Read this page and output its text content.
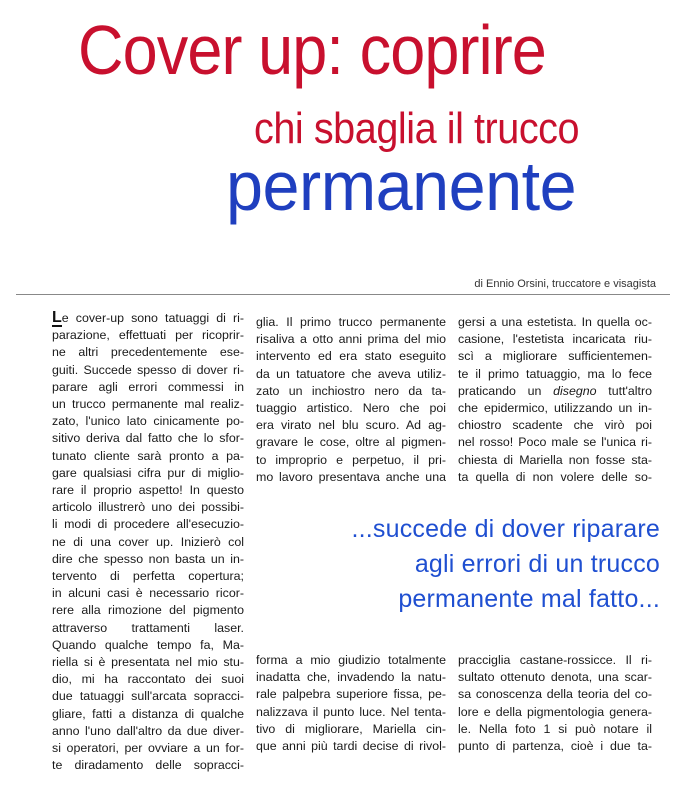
Cover up: coprire
chi sbaglia il trucco
permanente
di Ennio Orsini, truccatore e visagista
Le cover-up sono tatuaggi di ri-
parazione, effettuati per ricoprir-
ne altri precedentemente ese-
guiti. Succede spesso di dover ri-
parare agli errori commessi in
un trucco permanente mal realiz-
zato, l'unico lato cinicamente po-
sitivo deriva dal fatto che lo sfor-
tunato cliente sarà pronto a pa-
gare qualsiasi cifra pur di miglio-
rare il proprio aspetto! In questo
articolo illustrerò uno dei possibi-
li modi di procedere all'esecuzio-
ne di una cover up. Inizierò col
dire che spesso non basta un in-
tervento di perfetta copertura;
in alcuni casi è necessario ricor-
rere alla rimozione del pigmento
attraverso trattamenti laser.
Quando qualche tempo fa, Ma-
riella si è presentata nel mio stu-
dio, mi ha raccontato dei suoi
due tatuaggi sull'arcata sopracci-
gliare, fatti a distanza di qualche
anno l'uno dall'altro da due diver-
si operatori, per ovviare a un for-
te diradamento delle sopracci-
glia. Il primo trucco permanente
risaliva a otto anni prima del mio
intervento ed era stato eseguito
da un tatuatore che aveva utiliz-
zato un inchiostro nero da ta-
tuaggio artistico. Nero che poi
era virato nel blu scuro. Ad ag-
gravare le cose, oltre al pigmen-
to improprio e perpetuo, il pri-
mo lavoro presentava anche una
gersi a una estetista. In quella oc-
casione, l'estetista incaricata riu-
scì a migliorare sufficientemen-
te il primo tatuaggio, ma lo fece
praticando un disegno tutt'altro
che epidermico, utilizzando un in-
chiostro scadente che virò poi
nel rosso! Poco male se l'unica ri-
chiesta di Mariella non fosse sta-
ta quella di non volere delle so-
...succede di dover riparare
agli errori di un trucco
permanente mal fatto...
forma a mio giudizio totalmente
inadatta che, invadendo la natu-
rale palpebra superiore fissa, pe-
nalizzava il punto luce. Nel tenta-
tivo di migliorare, Mariella cin-
que anni più tardi decise di rivol-
pracciglia castane-rossicce. Il ri-
sultato ottenuto denota, una scar-
sa conoscenza della teoria del co-
lore e della pigmentologia genera-
le. Nella foto 1 si può notare il
punto di partenza, cioè i due ta-
